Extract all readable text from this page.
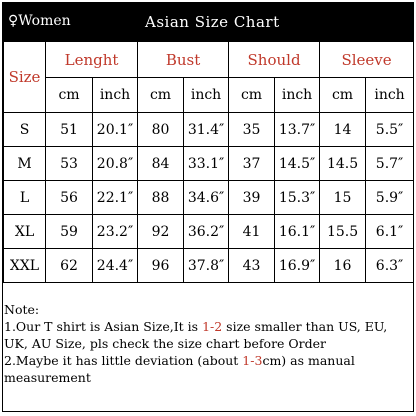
♀Women	Asian Size Chart
Size	Lenght		Bust		Should		Sleeve	
	cm	inch	cm	inch	cm	inch	cm	inch
S	51	20.1″	80	31.4″	35	13.7″	14	5.5″
M	53	20.8″	84	33.1″	37	14.5″	14.5	5.7″
L	56	22.1″	88	34.6″	39	15.3″	15	5.9″
XL	59	23.2″	92	36.2″	41	16.1″	15.5	6.1″
XXL	62	24.4″	96	37.8″	43	16.9″	16	6.3″

Note:

1.Our T shirt is Asian Size,It is 1-2 size smaller than US, EU, UK, AU Size, pls check the size chart before Order

2.Maybe it has little deviation (about 1-3cm) as manual measurement
